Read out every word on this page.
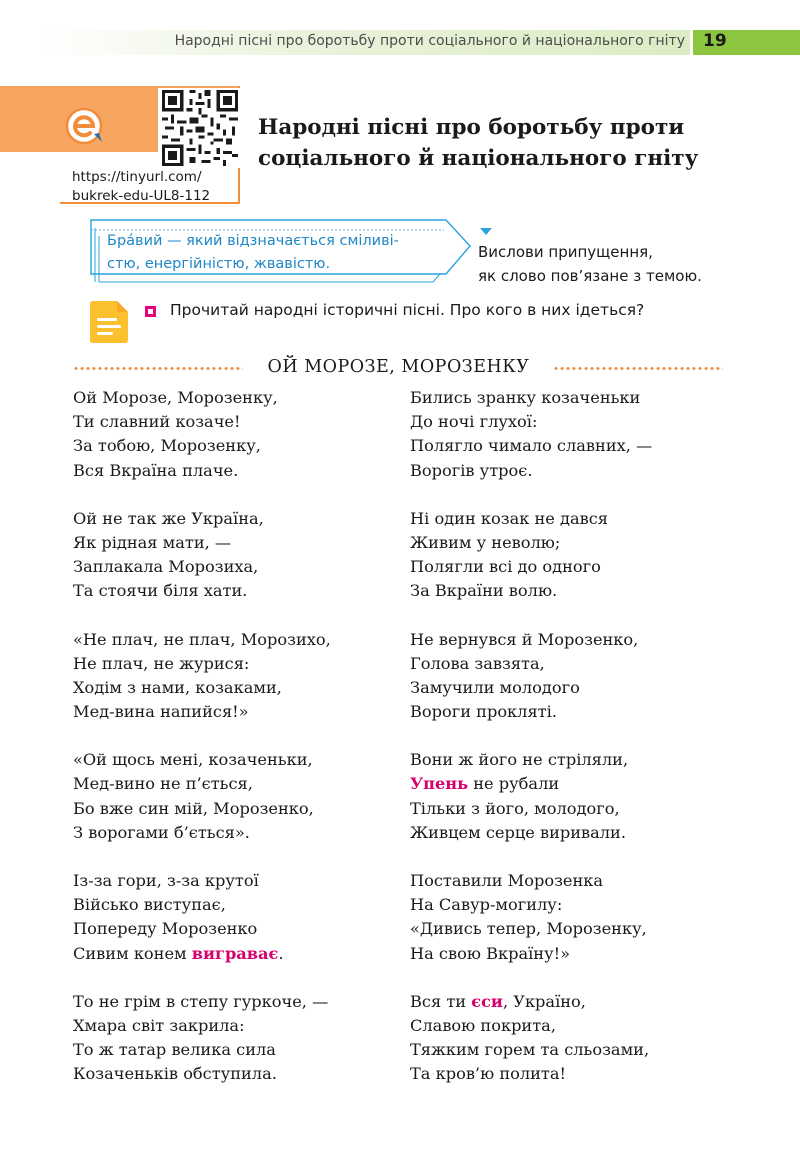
Народні пісні про боротьбу проти соціального й національного гніту 19
https://tinyurl.com/
bukrek-edu-UL8-112
Народні пісні про боротьбу проти
соціального й національного гніту
Бра́вий — який відзначається сміливі-
стю, енергійністю, жвавістю.
Вислови припущення,
як слово пов’язане з темою.
Прочитай народні історичні пісні. Про кого в них ідеться?
ОЙ МОРОЗЕ, МОРОЗЕНКУ
Ой Морозе, Морозенку,
Ти славний козаче!
За тобою, Морозенку,
Вся Вкраїна плаче.
Ой не так же Україна,
Як рідная мати, —
Заплакала Морозиха,
Та стоячи біля хати.
«Не плач, не плач, Морозихо,
Не плач, не журися:
Ходім з нами, козаками,
Мед-вина напийся!»
«Ой щось мені, козаченьки,
Мед-вино не п’ється,
Бо вже син мій, Морозенко,
З ворогами б’ється».
Із-за гори, з-за крутої
Військо виступає,
Попереду Морозенко
Сивим конем виграває.
То не грім в степу гуркоче, —
Хмара світ закрила:
То ж татар велика сила
Козаченьків обступила.
Бились зранку козаченьки
До ночі глухої:
Полягло чимало славних, —
Ворогів утроє.
Ні один козак не дався
Живим у неволю;
Полягли всі до одного
За Вкраїни волю.
Не вернувся й Морозенко,
Голова завзята,
Замучили молодого
Вороги прокляті.
Вони ж його не стріляли,
Упень не рубали
Тільки з його, молодого,
Живцем серце виривали.
Поставили Морозенка
На Савур-могилу:
«Дивись тепер, Морозенку,
На свою Вкраїну!»
Вся ти єси, Україно,
Славою покрита,
Тяжким горем та сльозами,
Та кров’ю полита!
